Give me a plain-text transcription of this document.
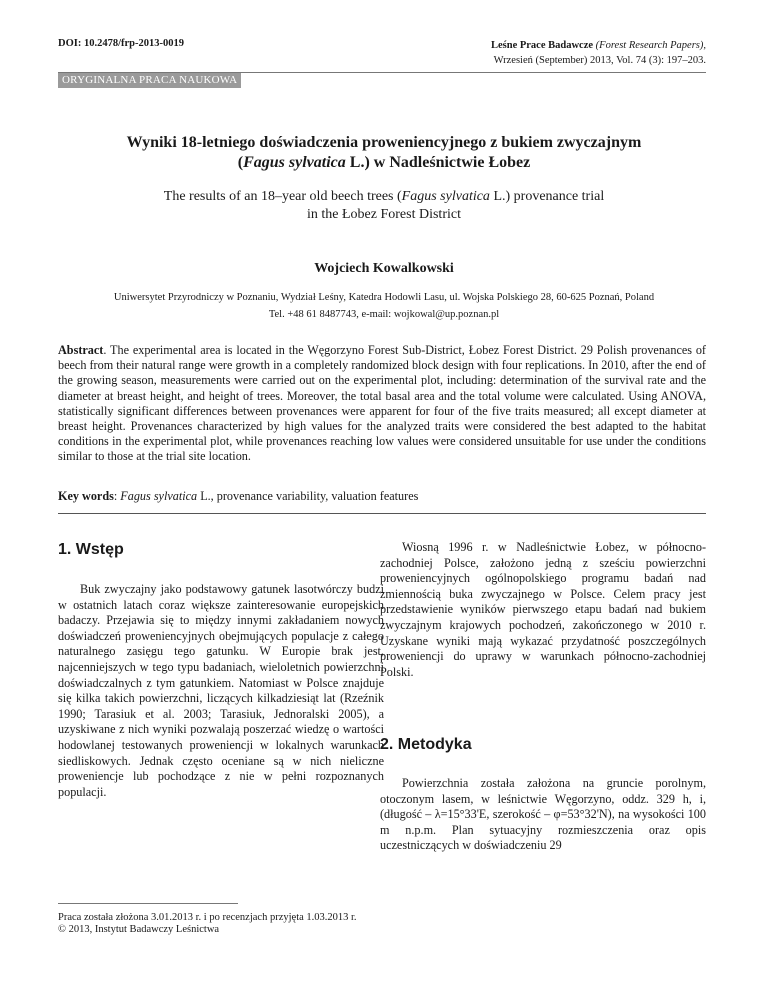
DOI: 10.2478/frp-2013-0019	Leśne Prace Badawcze (Forest Research Papers),
Wrzesień (September) 2013, Vol. 74 (3): 197–203.
ORYGINALNA PRACA NAUKOWA
Wyniki 18-letniego doświadczenia proweniencyjnego z bukiem zwyczajnym
(Fagus sylvatica L.) w Nadleśnictwie Łobez
The results of an 18–year old beech trees (Fagus sylvatica L.) provenance trial
in the Łobez Forest District
Wojciech Kowalkowski
Uniwersytet Przyrodniczy w Poznaniu, Wydział Leśny, Katedra Hodowli Lasu, ul. Wojska Polskiego 28, 60-625 Poznań, Poland
Tel. +48 61 8487743, e-mail: wojkowal@up.poznan.pl
Abstract. The experimental area is located in the Węgorzyno Forest Sub-District, Łobez Forest District. 29 Polish provenances of beech from their natural range were growth in a completely randomized block design with four replications. In 2010, after the end of the growing season, measurements were carried out on the experimental plot, including: determination of the survival rate and the diameter at breast height, and height of trees. Moreover, the total basal area and the total volume were calculated. Using ANOVA, statistically significant differences between provenances were apparent for four of the five traits measured; all except diameter at breast height. Provenances characterized by high values for the analyzed traits were considered the best adapted to the habitat conditions in the experimental plot, while provenances reaching low values were considered unsuitable for use under the conditions similar to those at the trial site location.
Key words: Fagus sylvatica L., provenance variability, valuation features
1. Wstęp

Buk zwyczajny jako podstawowy gatunek lasotwórczy budzi w ostatnich latach coraz większe zainteresowanie europejskich badaczy. Przejawia się to między innymi zakładaniem nowych doświadczeń proweniencyjnych obejmujących populacje z całego naturalnego zasięgu tego gatunku. W Europie brak jest, najcenniejszych w tego typu badaniach, wieloletnich powierzchni doświadczalnych z tym gatunkiem. Natomiast w Polsce znajduje się kilka takich powierzchni, liczących kilkadziesiąt lat (Rzeźnik 1990; Tarasiuk et al. 2003; Tarasiuk, Jednoralski 2005), a uzyskiwane z nich wyniki pozwalają poszerzać wiedzę o wartości hodowlanej testowanych proweniencji w lokalnych warunkach siedliskowych. Jednak często oceniane są w nich nieliczne proweniencje lub pochodzące z nie w pełni rozpoznanych populacji.

Wiosną 1996 r. w Nadleśnictwie Łobez, w północno-zachodniej Polsce, założono jedną z sześciu powierzchni proweniencyjnych ogólnopolskiego programu badań nad zmiennością buka zwyczajnego w Polsce. Celem pracy jest przedstawienie wyników pierwszego etapu badań nad bukiem zwyczajnym krajowych pochodzeń, zakończonego w 2010 r. Uzyskane wyniki mają wykazać przydatność poszczególnych proweniencji do uprawy w warunkach północno-zachodniej Polski.

2. Metodyka

Powierzchnia została założona na gruncie porolnym, otoczonym lasem, w leśnictwie Węgorzyno, oddz. 329 h, i, (długość – λ=15°33'E, szerokość – φ=53°32'N), na wysokości 100 m n.p.m. Plan sytuacyjny rozmieszczenia oraz opis uczestniczących w doświadczeniu 29

Praca została złożona 3.01.2013 r. i po recenzjach przyjęta 1.03.2013 r.
© 2013, Instytut Badawczy Leśnictwa
